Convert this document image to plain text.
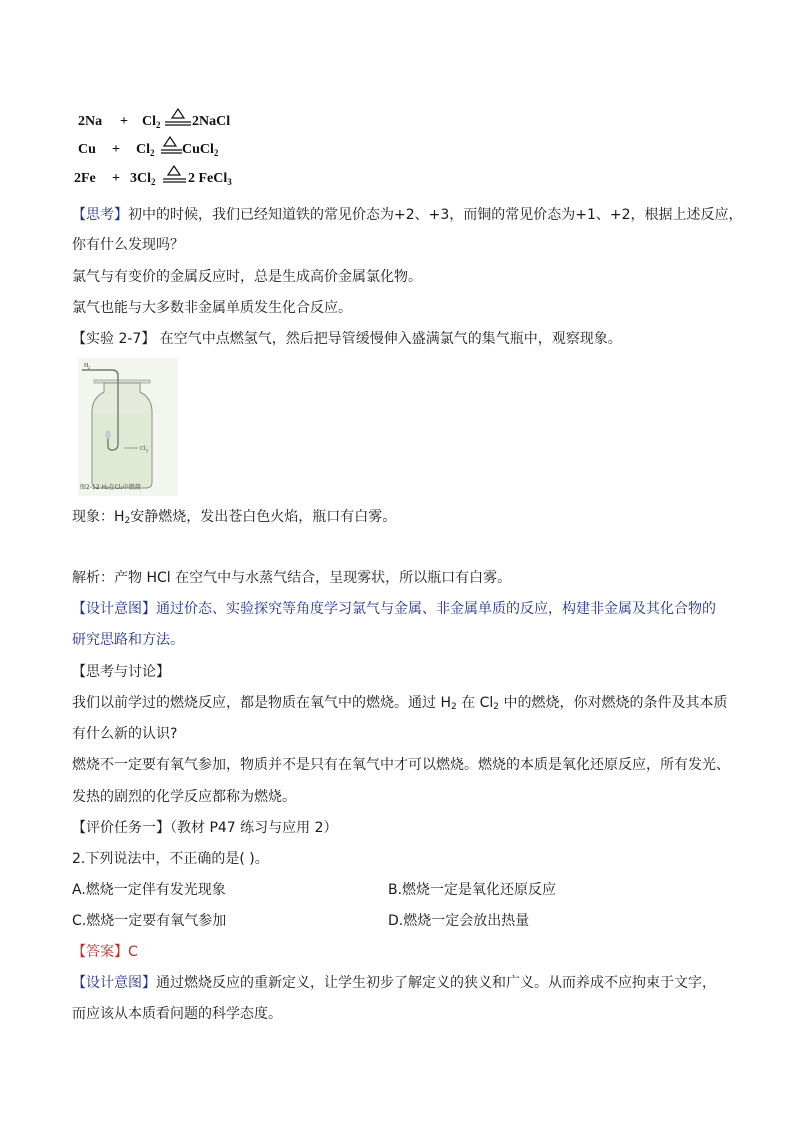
$2Na + Cl_2$ 2NaCl
$Cu + Cl_2$ CuCl$_2$
$2Fe + 3Cl_2$ 2 FeCl$_3$
【思考】初中的时候，我们已经知道铁的常见价态为+2、+3，而铜的常见价态为+1、+2，根据上述反应，
你有什么发现吗？
氯气与有变价的金属反应时，总是生成高价金属氯化物。
氯气也能与大多数非金属单质发生化合反应。
【实验 2-7】 在空气中点燃氢气，然后把导管缓慢伸入盛满氯气的集气瓶中，观察现象。
H 2
Cl 2
图2-12 H₂在Cl₂中燃烧
现象：$H_2$安静燃烧，发出苍白色火焰，瓶口有白雾。
解析：产物 HCl 在空气中与水蒸气结合，呈现雾状，所以瓶口有白雾。
【设计意图】通过价态、实验探究等角度学习氯气与金属、非金属单质的反应，构建非金属及其化合物的
研究思路和方法。
【思考与讨论】
我们以前学过的燃烧反应，都是物质在氧气中的燃烧。通过 $H_2$ 在 $Cl_2$ 中的燃烧，你对燃烧的条件及其本质
有什么新的认识?
燃烧不一定要有氧气参加，物质并不是只有在氧气中才可以燃烧。燃烧的本质是氧化还原反应，所有发光、
发热的剧烈的化学反应都称为燃烧。
【评价任务一】（教材 P47 练习与应用 2）
2.下列说法中，不正确的是( )。
A.燃烧一定伴有发光现象	B.燃烧一定是氧化还原反应
C.燃烧一定要有氧气参加	D.燃烧一定会放出热量
【答案】C
【设计意图】通过燃烧反应的重新定义，让学生初步了解定义的狭义和广义。从而养成不应拘束于文字，
而应该从本质看问题的科学态度。
